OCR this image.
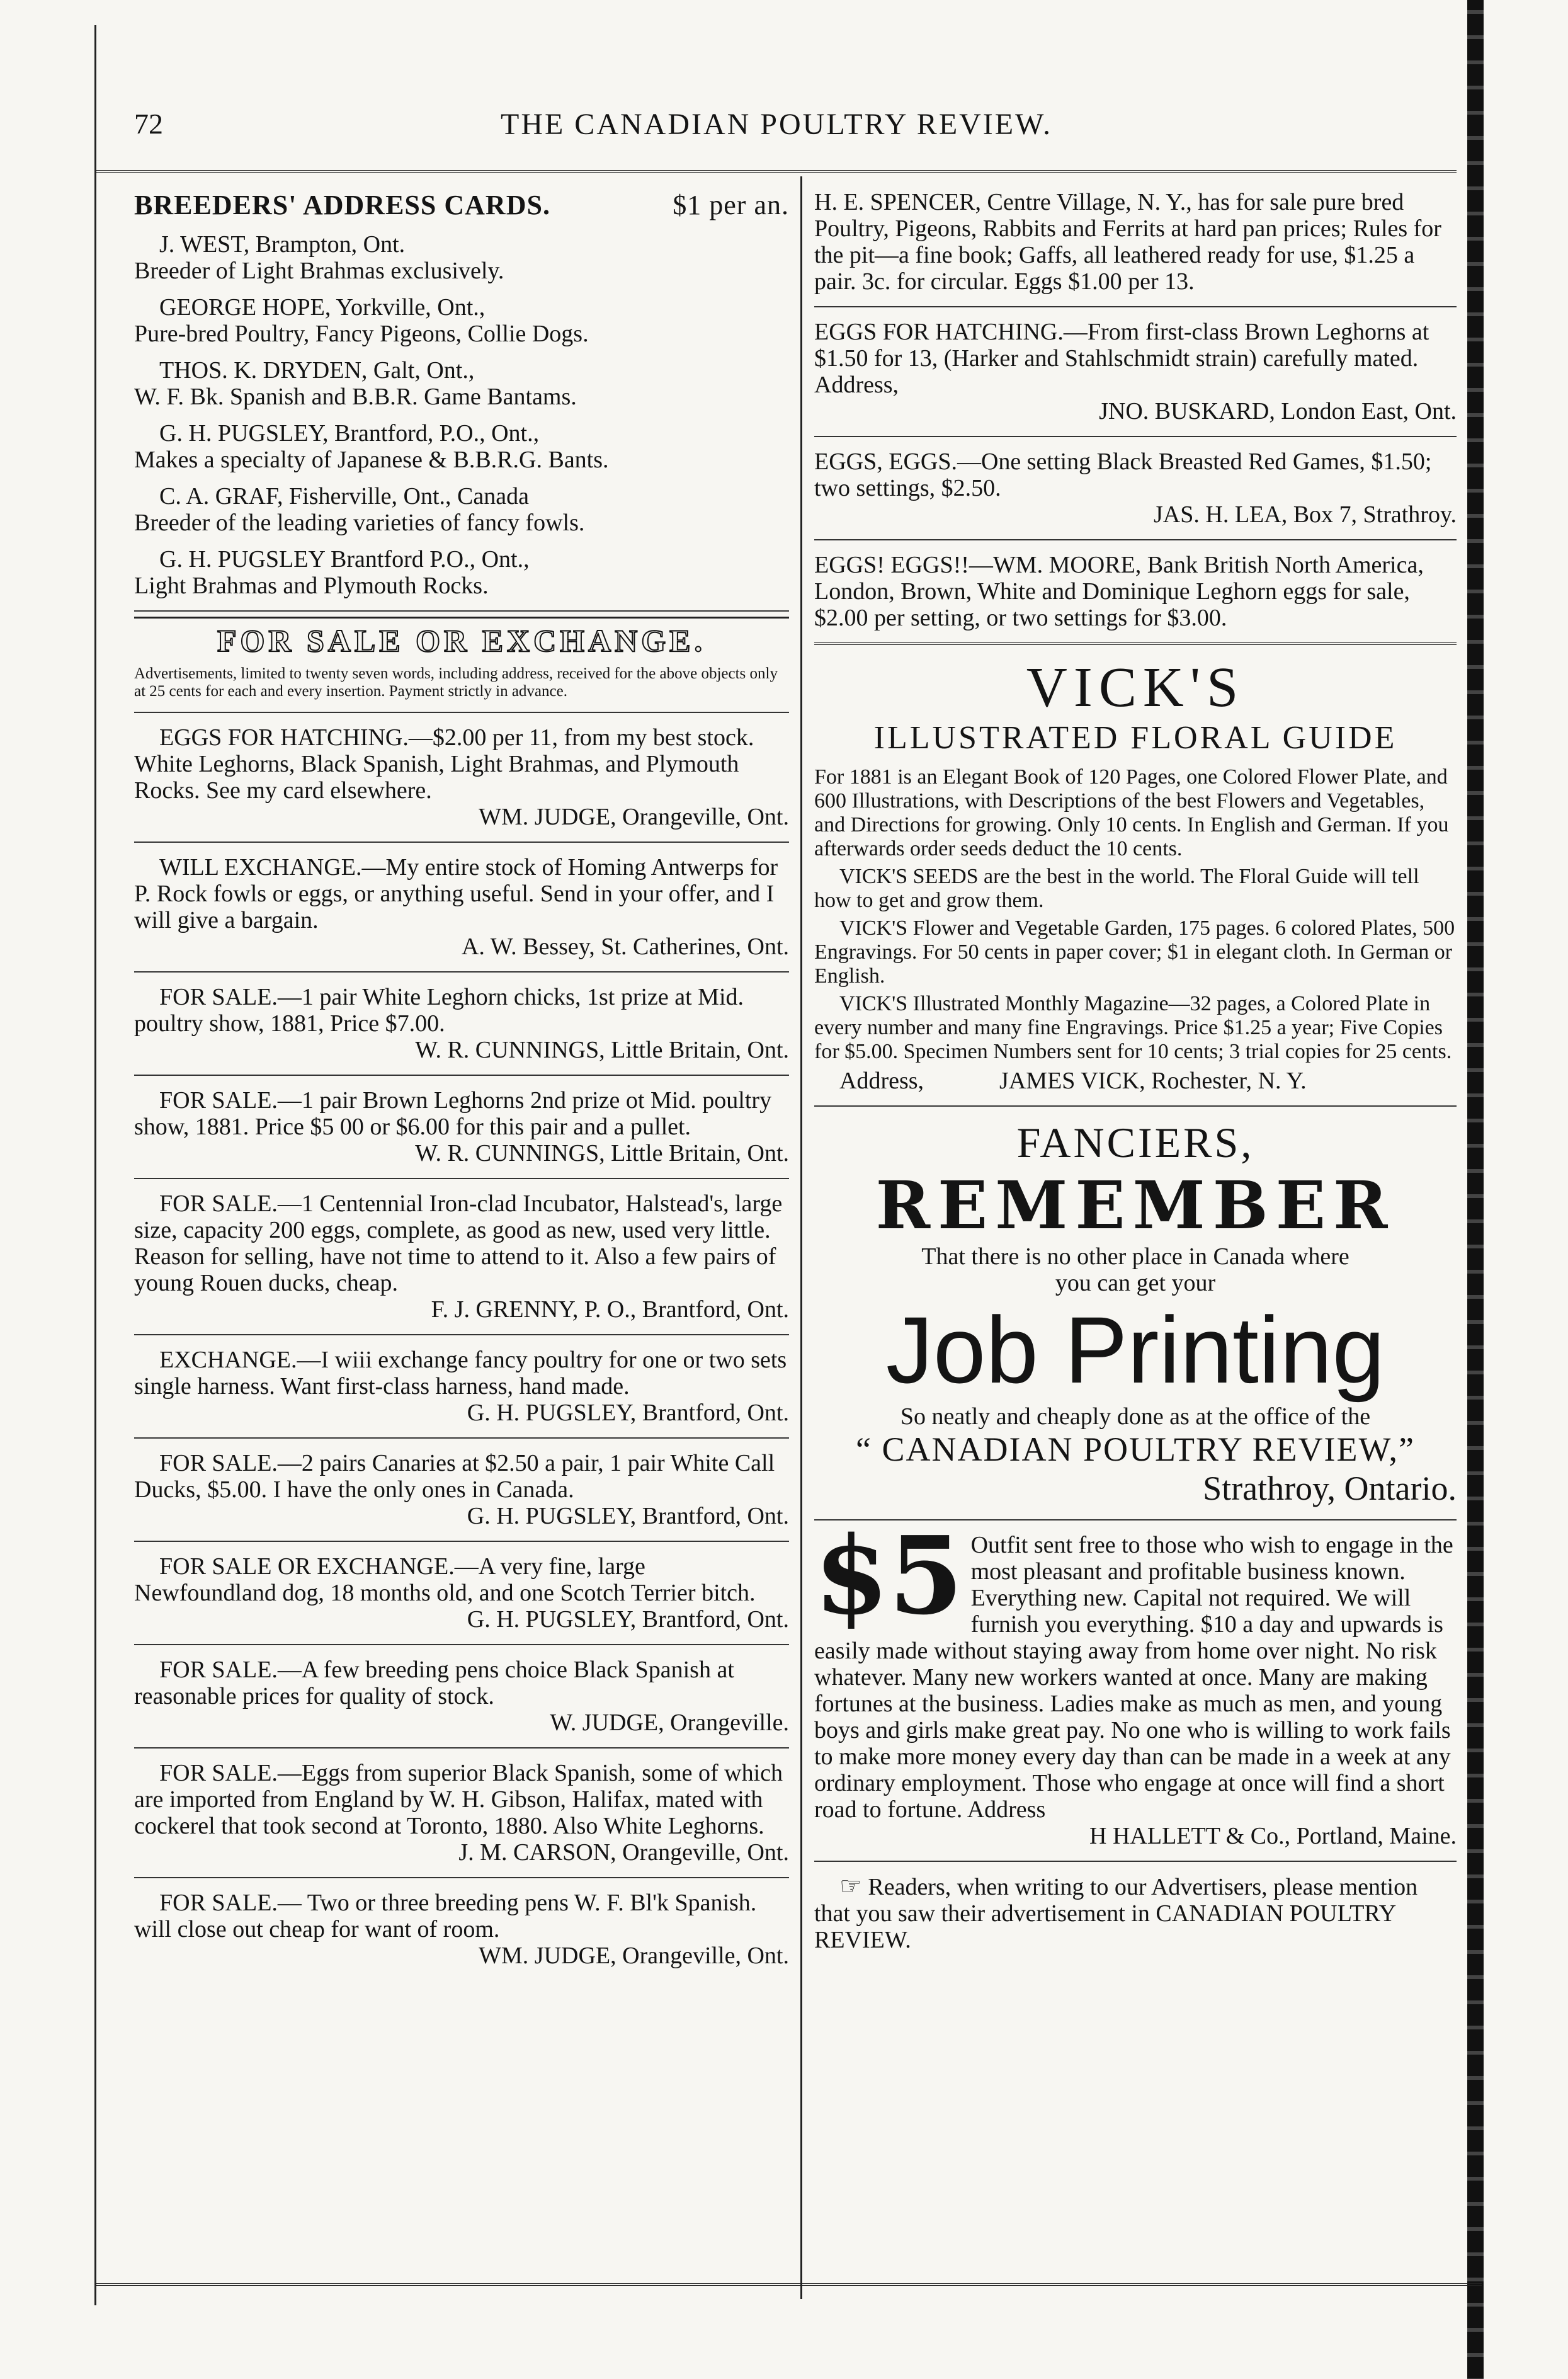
72	THE CANADIAN POULTRY REVIEW.
BREEDERS' ADDRESS CARDS.	$1 per an.
J. WEST, Brampton, Ont.
Breeder of Light Brahmas exclusively.
GEORGE HOPE, Yorkville, Ont.,
Pure-bred Poultry, Fancy Pigeons, Collie Dogs.
THOS. K. DRYDEN, Galt, Ont.,
W. F. Bk. Spanish and B.B.R. Game Bantams.
G. H. PUGSLEY, Brantford, P.O., Ont.,
Makes a specialty of Japanese & B.B.R.G. Bants.
C. A. GRAF, Fisherville, Ont., Canada
Breeder of the leading varieties of fancy fowls.
G. H. PUGSLEY Brantford P.O., Ont.,
Light Brahmas and Plymouth Rocks.
FOR SALE OR EXCHANGE.

Advertisements, limited to twenty seven words, including address, received for the above objects only at 25 cents for each and every insertion. Payment strictly in advance.

EGGS FOR HATCHING.—$2.00 per 11, from my best stock. White Leghorns, Black Spanish, Light Brahmas, and Plymouth Rocks. See my card elsewhere.

WM. JUDGE, Orangeville, Ont.

WILL EXCHANGE.—My entire stock of Homing Antwerps for P. Rock fowls or eggs, or anything useful. Send in your offer, and I will give a bargain.

A. W. Bessey, St. Catherines, Ont.

FOR SALE.—1 pair White Leghorn chicks, 1st prize at Mid. poultry show, 1881, Price $7.00.

W. R. CUNNINGS, Little Britain, Ont.

FOR SALE.—1 pair Brown Leghorns 2nd prize ot Mid. poultry show, 1881. Price $5 00 or $6.00 for this pair and a pullet.

W. R. CUNNINGS, Little Britain, Ont.

FOR SALE.—1 Centennial Iron-clad Incubator, Halstead's, large size, capacity 200 eggs, complete, as good as new, used very little. Reason for selling, have not time to attend to it. Also a few pairs of young Rouen ducks, cheap.

F. J. GRENNY, P. O., Brantford, Ont.

EXCHANGE.—I wiii exchange fancy poultry for one or two sets single harness. Want first-class harness, hand made.

G. H. PUGSLEY, Brantford, Ont.

FOR SALE.—2 pairs Canaries at $2.50 a pair, 1 pair White Call Ducks, $5.00. I have the only ones in Canada.

G. H. PUGSLEY, Brantford, Ont.

FOR SALE OR EXCHANGE.—A very fine, large Newfoundland dog, 18 months old, and one Scotch Terrier bitch.

G. H. PUGSLEY, Brantford, Ont.

FOR SALE.—A few breeding pens choice Black Spanish at reasonable prices for quality of stock.

W. JUDGE, Orangeville.

FOR SALE.—Eggs from superior Black Spanish, some of which are imported from England by W. H. Gibson, Halifax, mated with cockerel that took second at Toronto, 1880. Also White Leghorns.

J. M. CARSON, Orangeville, Ont.

FOR SALE.— Two or three breeding pens W. F. Bl'k Spanish. will close out cheap for want of room.

WM. JUDGE, Orangeville, Ont.

H. E. SPENCER, Centre Village, N. Y., has for sale pure bred Poultry, Pigeons, Rabbits and Ferrits at hard pan prices; Rules for the pit—a fine book; Gaffs, all leathered ready for use, $1.25 a pair. 3c. for circular. Eggs $1.00 per 13.

EGGS FOR HATCHING.—From first-class Brown Leghorns at $1.50 for 13, (Harker and Stahlschmidt strain) carefully mated. Address,

JNO. BUSKARD, London East, Ont.

EGGS, EGGS.—One setting Black Breasted Red Games, $1.50; two settings, $2.50.

JAS. H. LEA, Box 7, Strathroy.

EGGS! EGGS!!—WM. MOORE, Bank British North America, London, Brown, White and Dominique Leghorn eggs for sale, $2.00 per setting, or two settings for $3.00.

VICK'S
ILLUSTRATED FLORAL GUIDE

For 1881 is an Elegant Book of 120 Pages, one Colored Flower Plate, and 600 Illustrations, with Descriptions of the best Flowers and Vegetables, and Directions for growing. Only 10 cents. In English and German. If you afterwards order seeds deduct the 10 cents.

VICK'S SEEDS are the best in the world. The Floral Guide will tell how to get and grow them.

VICK'S Flower and Vegetable Garden, 175 pages. 6 colored Plates, 500 Engravings. For 50 cents in paper cover; $1 in elegant cloth. In German or English.

VICK'S Illustrated Monthly Magazine—32 pages, a Colored Plate in every number and many fine Engravings. Price $1.25 a year; Five Copies for $5.00. Specimen Numbers sent for 10 cents; 3 trial copies for 25 cents.

Address,	JAMES VICK, Rochester, N. Y.
FANCIERS,
REMEMBER
That there is no other place in Canada where
you can get your
Job Printing
So neatly and cheaply done as at the office of the
“ CANADIAN POULTRY REVIEW,”
Strathroy, Ontario.
$5 Outfit sent free to those who wish to engage in the most pleasant and profitable business known. Everything new. Capital not required. We will furnish you everything. $10 a day and upwards is easily made without staying away from home over night. No risk whatever. Many new workers wanted at once. Many are making fortunes at the business. Ladies make as much as men, and young boys and girls make great pay. No one who is willing to work fails to make more money every day than can be made in a week at any ordinary employment. Those who engage at once will find a short road to fortune. Address

H HALLETT & Co., Portland, Maine.

☞ Readers, when writing to our Advertisers, please mention that you saw their advertisement in CANADIAN POULTRY REVIEW.
